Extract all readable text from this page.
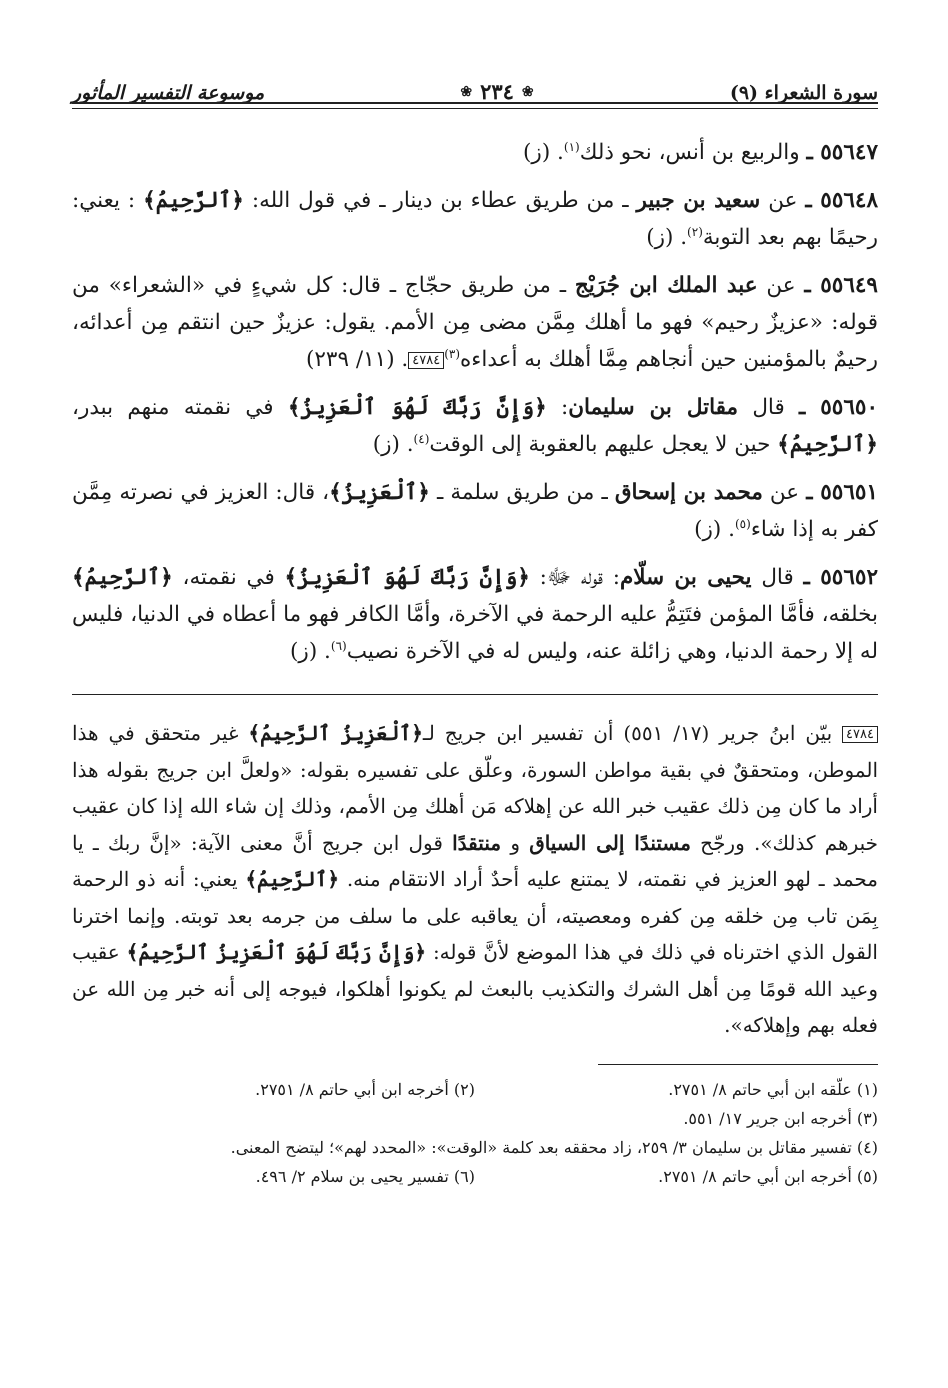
سورة الشعراء (٩)
❀
٢٣٤
❀
موسوعة التفسير المأثور

٥٥٦٤٧ ـ والربيع بن أنس، نحو ذلك$^{(١)}$. (ز)

٥٥٦٤٨ ـ عن سعيد بن جبير ـ من طريق عطاء بن دينار ـ في قول الله: ﴿ٱلرَّحِيمُ﴾ : يعني: رحيمًا بهم بعد التوبة$^{(٢)}$. (ز)

٥٥٦٤٩ ـ عن عبد الملك ابن جُرَيْج ـ من طريق حجّاج ـ قال: كل شيءٍ في «الشعراء» من قوله: «عزيزٌ رحيم» فهو ما أهلك مِمَّن مضى مِن الأمم. يقول: عزيزٌ حين انتقم مِن أعدائه، رحيمٌ بالمؤمنين حين أنجاهم مِمَّا أهلك به أعداءه$^{(٣)}$٤٧٨٤. (١١/ ٢٣٩)

٥٥٦٥٠ ـ قال مقاتل بن سليمان: ﴿وَإِنَّ رَبَّكَ لَهُوَ ٱلْعَزِيزُ﴾ في نقمته منهم ببدر، ﴿ٱلرَّحِيمُ﴾ حين لا يعجل عليهم بالعقوبة إلى الوقت$^{(٤)}$. (ز)

٥٥٦٥١ ـ عن محمد بن إسحاق ـ من طريق سلمة ـ ﴿ٱلْعَزِيزُ﴾، قال: العزيز في نصرته مِمَّن كفر به إذا شاء$^{(٥)}$. (ز)

٥٥٦٥٢ ـ قال يحيى بن سلّام: قوله ﷻ: ﴿وَإِنَّ رَبَّكَ لَهُوَ ٱلْعَزِيزُ﴾ في نقمته، ﴿ٱلرَّحِيمُ﴾ بخلقه، فأمَّا المؤمن فتَتِمُّ عليه الرحمة في الآخرة، وأمَّا الكافر فهو ما أعطاه في الدنيا، فليس له إلا رحمة الدنيا، وهي زائلة عنه، وليس له في الآخرة نصيب$^{(٦)}$. (ز)

٤٧٨٤ بيّن ابنُ جرير (١٧/ ٥٥١) أن تفسير ابن جريج لـ﴿ٱلْعَزِيزُ ٱلرَّحِيمُ﴾ غير متحقق في هذا الموطن، ومتحققٌ في بقية مواطن السورة، وعلّق على تفسيره بقوله: «ولعلَّ ابن جريج بقوله هذا أراد ما كان مِن ذلك عقيب خبر الله عن إهلاكه مَن أهلك مِن الأمم، وذلك إن شاء الله إذا كان عقيب خبرهم كذلك». ورجّح مستندًا إلى السياق و منتقدًا قول ابن جريج أنَّ معنى الآية: «إنَّ ربك ـ يا محمد ـ لهو العزيز في نقمته، لا يمتنع عليه أحدٌ أراد الانتقام منه. ﴿ٱلرَّحِيمُ﴾ يعني: أنه ذو الرحمة بِمَن تاب مِن خلقه مِن كفره ومعصيته، أن يعاقبه على ما سلف من جرمه بعد توبته. وإنما اخترنا القول الذي اخترناه في ذلك في هذا الموضع لأنَّ قوله: ﴿وَإِنَّ رَبَّكَ لَهُوَ ٱلْعَزِيزُ ٱلرَّحِيمُ﴾ عقيب وعيد الله قومًا مِن أهل الشرك والتكذيب بالبعث لم يكونوا أهلكوا، فيوجه إلى أنه خبر مِن الله عن فعله بهم وإهلاكه».

(١) علّقه ابن أبي حاتم ٨/ ٢٧٥١.
(٢) أخرجه ابن أبي حاتم ٨/ ٢٧٥١.
(٣) أخرجه ابن جرير ١٧/ ٥٥١.
(٤) تفسير مقاتل بن سليمان ٣/ ٢٥٩، زاد محققه بعد كلمة «الوقت»: «المحدد لهم»؛ ليتضح المعنى.
(٥) أخرجه ابن أبي حاتم ٨/ ٢٧٥١.
(٦) تفسير يحيى بن سلام ٢/ ٤٩٦.
